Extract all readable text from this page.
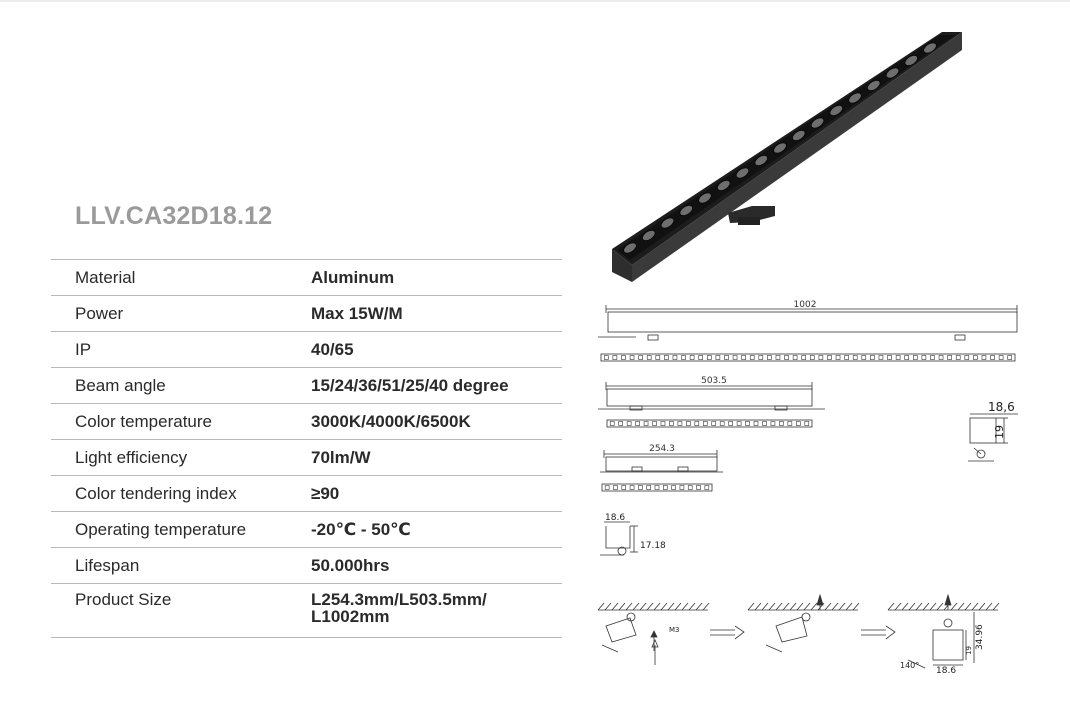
LLV.CA32D18.12
Material	Aluminum
Power	Max 15W/M
IP	40/65
Beam angle	15/24/36/51/25/40 degree
Color temperature	3000K/4000K/6500K
Light efficiency	70lm/W
Color tendering index	≥90
Operating temperature	-20℃ - 50℃
Lifespan	50.000hrs
Product Size	L254.3mm/L503.5mm/
L1002mm
1002
503.5
254.3
18,6
19
18.6
17.18
M3	34.96
19
18.6
140°
